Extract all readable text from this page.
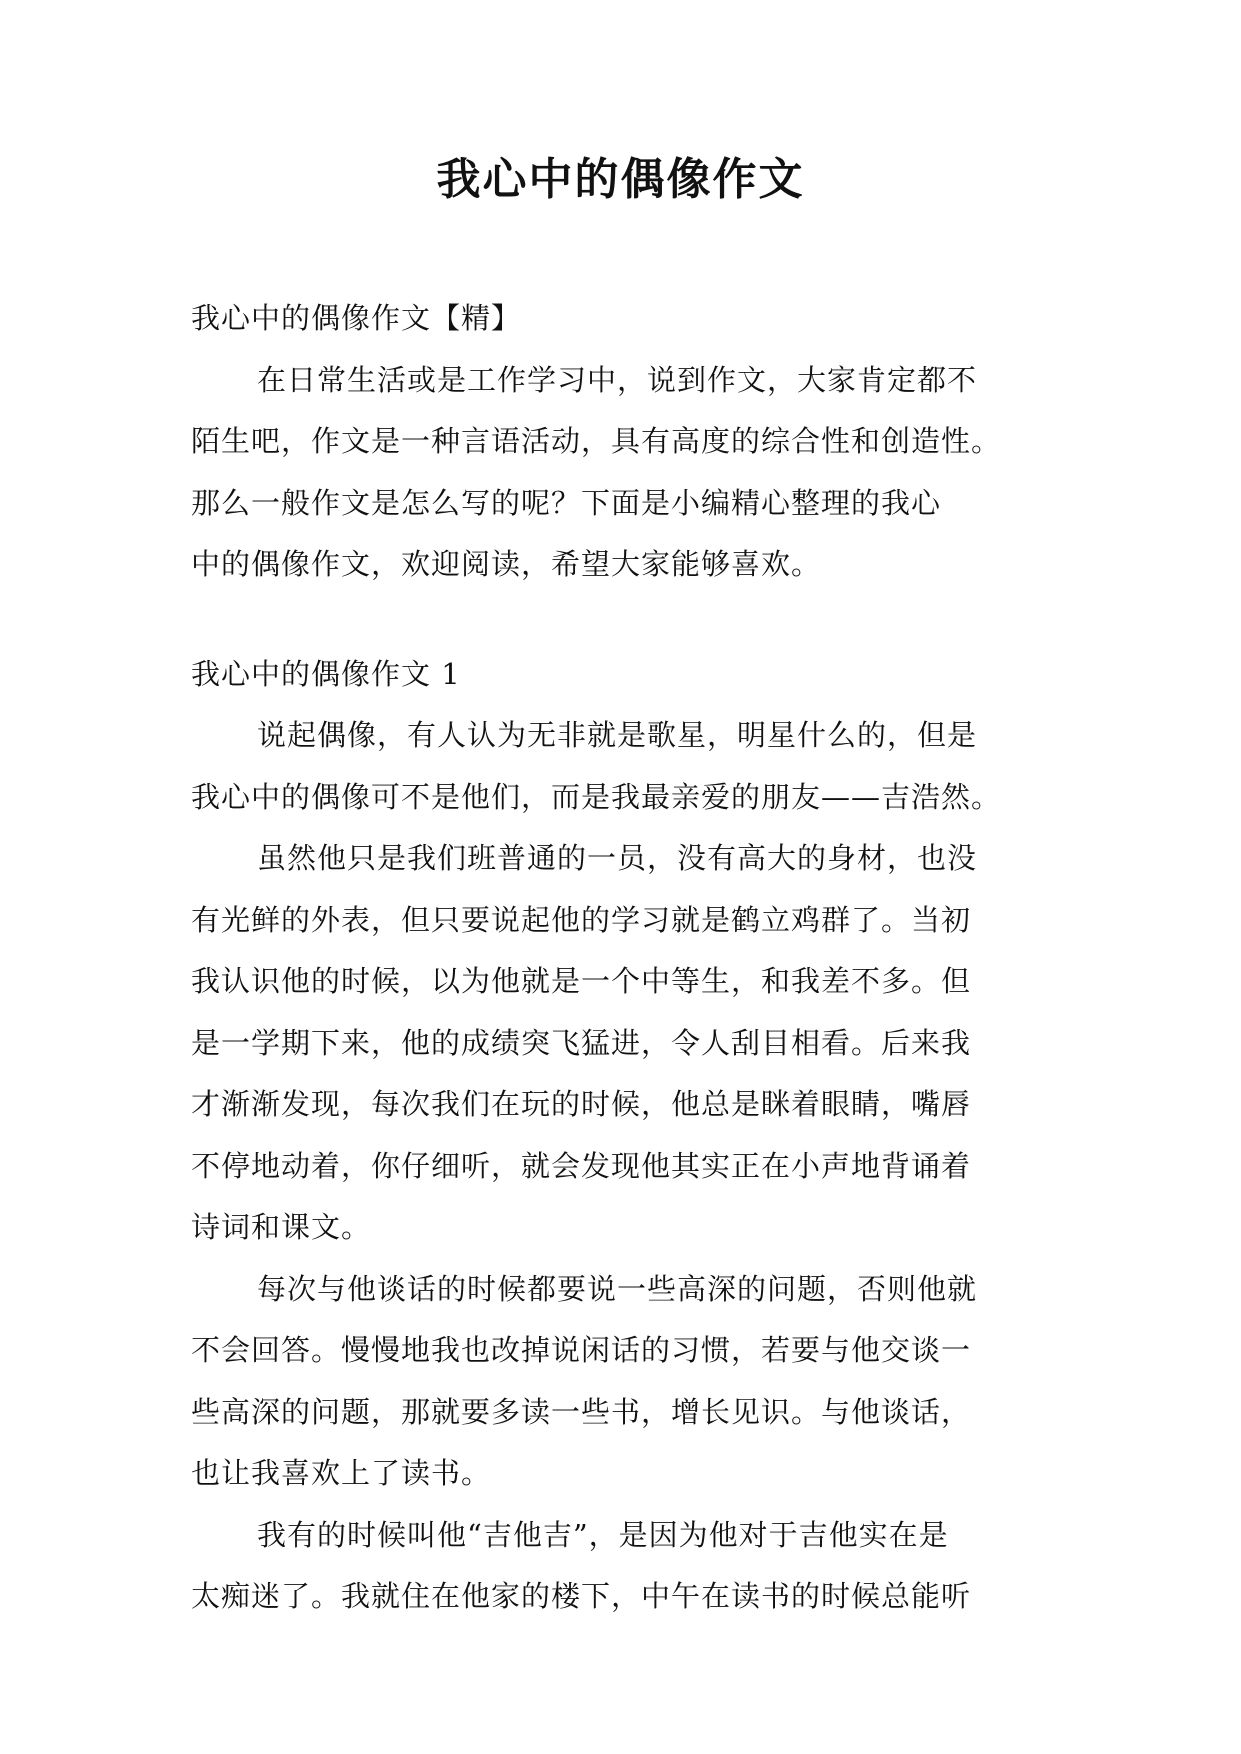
我心中的偶像作文
我心中的偶像作文【精】
在日常生活或是工作学习中，说到作文，大家肯定都不
陌生吧，作文是一种言语活动，具有高度的综合性和创造性。
那么一般作文是怎么写的呢？下面是小编精心整理的我心
中的偶像作文，欢迎阅读，希望大家能够喜欢。
我心中的偶像作文 1
说起偶像，有人认为无非就是歌星，明星什么的，但是
我心中的偶像可不是他们，而是我最亲爱的朋友——吉浩然。
虽然他只是我们班普通的一员，没有高大的身材，也没
有光鲜的外表，但只要说起他的学习就是鹤立鸡群了。当初
我认识他的时候，以为他就是一个中等生，和我差不多。但
是一学期下来，他的成绩突飞猛进，令人刮目相看。后来我
才渐渐发现，每次我们在玩的时候，他总是眯着眼睛，嘴唇
不停地动着，你仔细听，就会发现他其实正在小声地背诵着
诗词和课文。
每次与他谈话的时候都要说一些高深的问题，否则他就
不会回答。慢慢地我也改掉说闲话的习惯，若要与他交谈一
些高深的问题，那就要多读一些书，增长见识。与他谈话，
也让我喜欢上了读书。
我有的时候叫他“吉他吉”，是因为他对于吉他实在是
太痴迷了。我就住在他家的楼下，中午在读书的时候总能听
